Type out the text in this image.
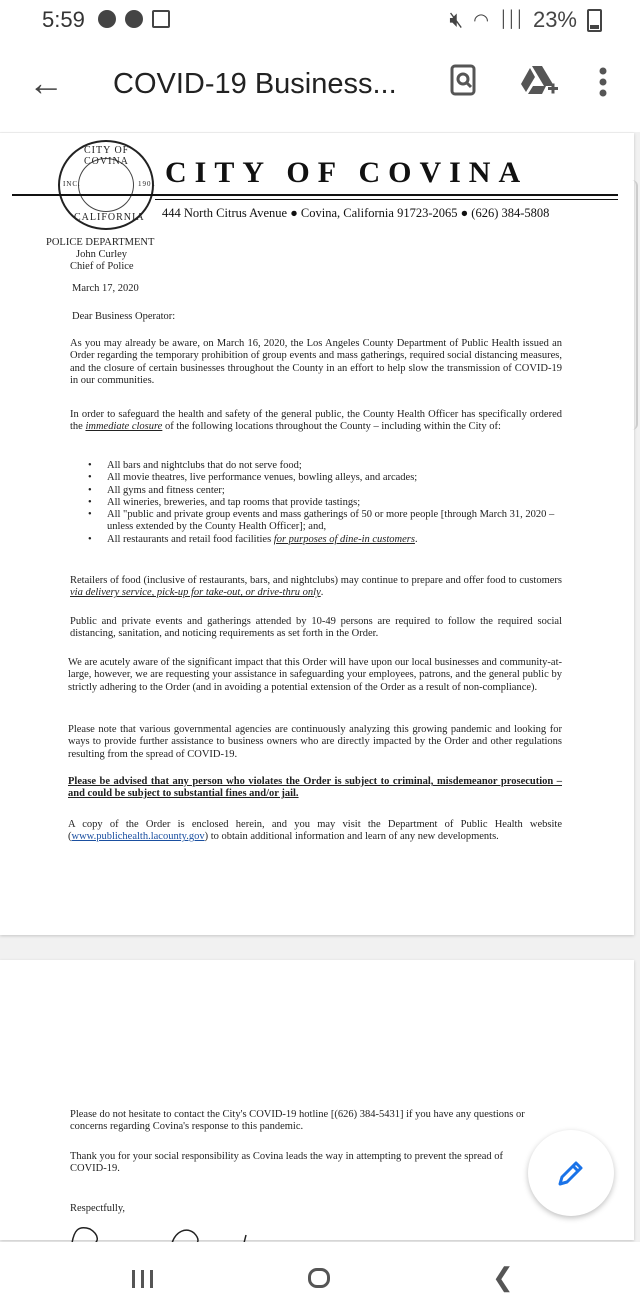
5:59	🔇︎ ◠ │││ 23%
← COVID-19 Business...
CITY OF COVINA
CALIFORNIA
INC.	1901 CITY OF COVINA
444 North Citrus Avenue ● Covina, California 91723-2065 ● (626) 384-5808
POLICE DEPARTMENT
John Curley
Chief of Police
March 17, 2020
Dear Business Operator:
As you may already be aware, on March 16, 2020, the Los Angeles County Department of Public Health issued an Order regarding the temporary prohibition of group events and mass gatherings, required social distancing measures, and the closure of certain businesses throughout the County in an effort to help slow the transmission of COVID-19 in our communities.
In order to safeguard the health and safety of the general public, the County Health Officer has specifically ordered the immediate closure of the following locations throughout the County – including within the City of:
• All bars and nightclubs that do not serve food;
• All movie theatres, live performance venues, bowling alleys, and arcades;
• All gyms and fitness center;
• All wineries, breweries, and tap rooms that provide tastings;
• All "public and private group events and mass gatherings of 50 or more people [through March 31, 2020 – unless extended by the County Health Officer]; and,
• All restaurants and retail food facilities for purposes of dine-in customers.
Retailers of food (inclusive of restaurants, bars, and nightclubs) may continue to prepare and offer food to customers via delivery service, pick-up for take-out, or drive-thru only.
Public and private events and gatherings attended by 10-49 persons are required to follow the required social distancing, sanitation, and noticing requirements as set forth in the Order.
We are acutely aware of the significant impact that this Order will have upon our local businesses and community-at-large, however, we are requesting your assistance in safeguarding your employees, patrons, and the general public by strictly adhering to the Order (and in avoiding a potential extension of the Order as a result of non-compliance).
Please note that various governmental agencies are continuously analyzing this growing pandemic and looking for ways to provide further assistance to business owners who are directly impacted by the Order and other regulations resulting from the spread of COVID-19.
Please be advised that any person who violates the Order is subject to criminal, misdemeanor prosecution – and could be subject to substantial fines and/or jail.
A copy of the Order is enclosed herein, and you may visit the Department of Public Health website (www.publichealth.lacounty.gov) to obtain additional information and learn of any new developments.
Please do not hesitate to contact the City's COVID-19 hotline [(626) 384-5431] if you have any questions or concerns regarding Covina's response to this pandemic.
Thank you for your social responsibility as Covina leads the way in attempting to prevent the spread of COVID-19.
Respectfully,
❮
